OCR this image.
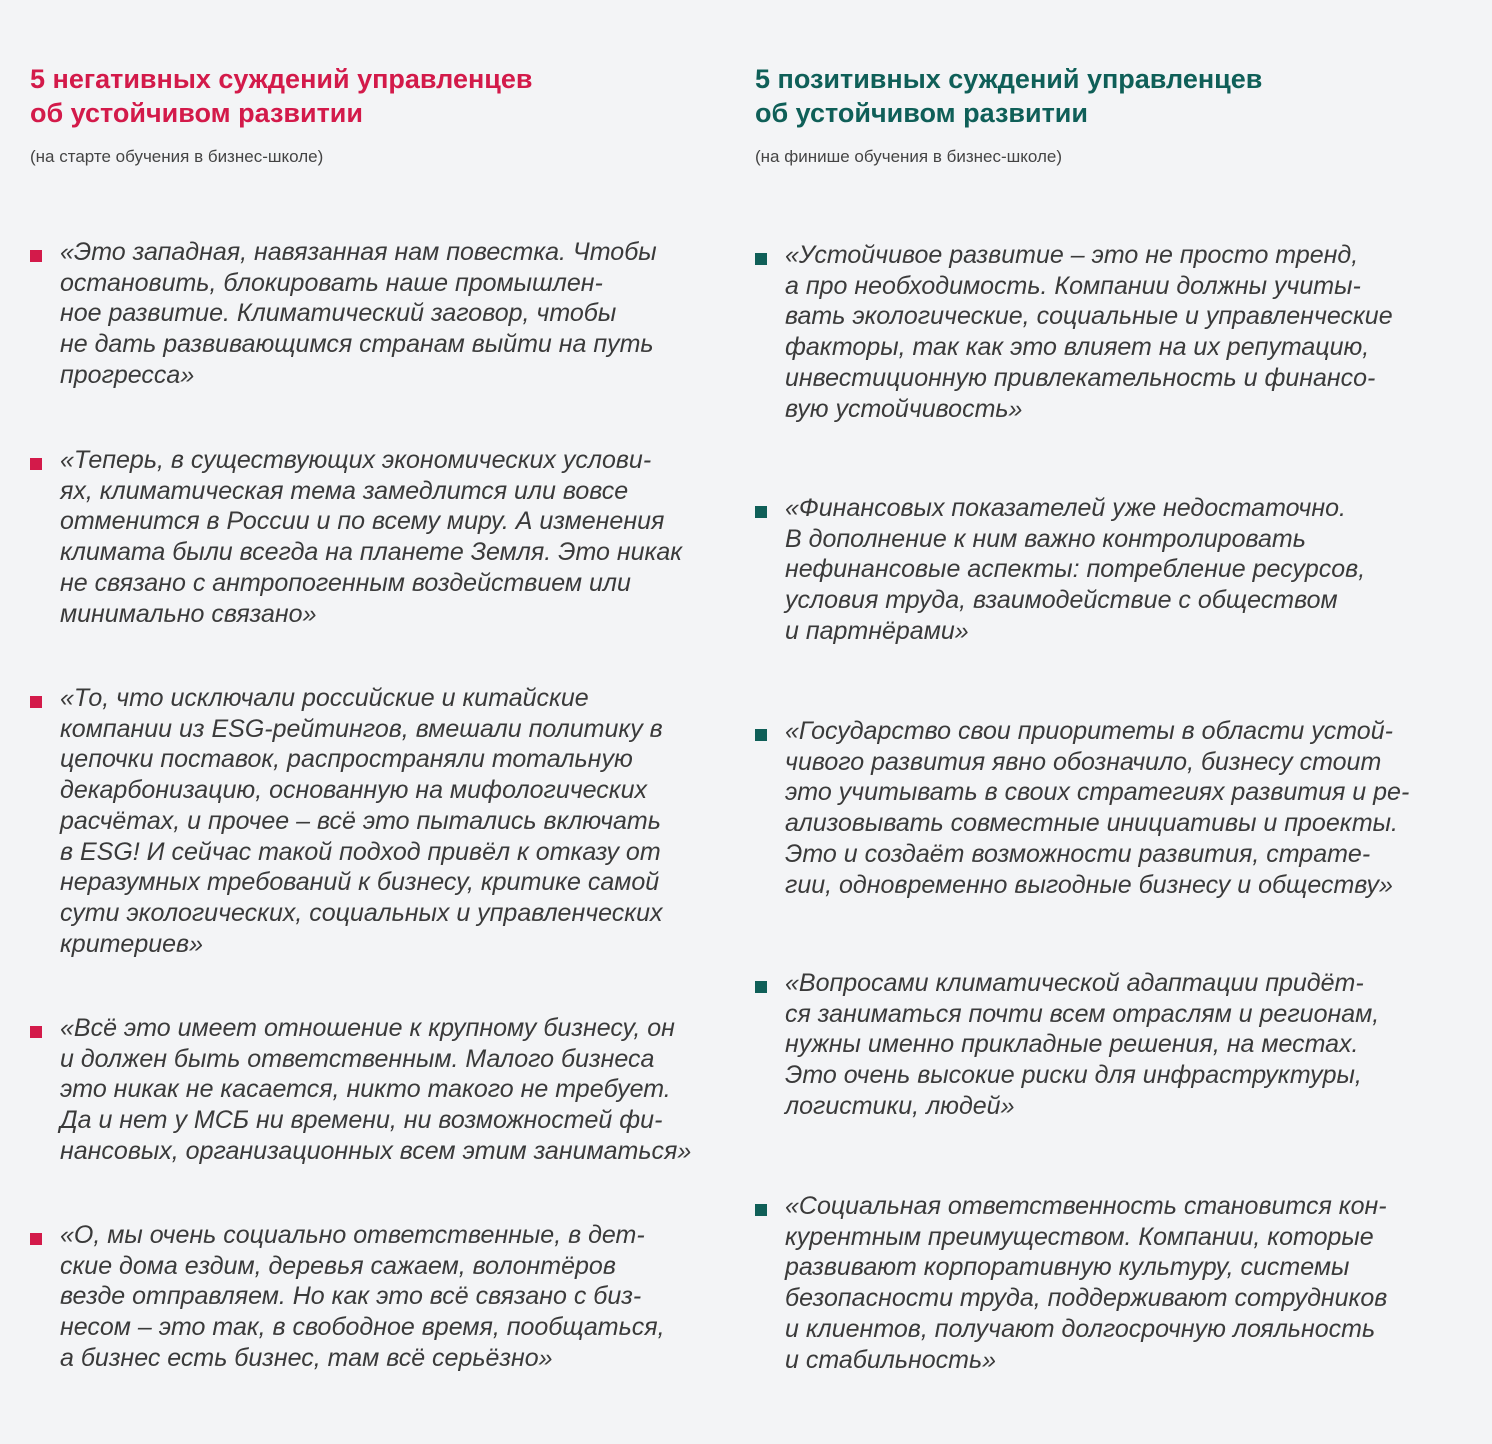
5 негативных суждений управленцев
об устойчивом развитии

(на старте обучения в бизнес-школе)

«Это западная, навязанная нам повестка. Чтобы
остановить, блокировать наше промышлен-
ное развитие. Климатический заговор, чтобы
не дать развивающимся странам выйти на путь
прогресса»
«Теперь, в существующих экономических услови-
ях, климатическая тема замедлится или вовсе
отменится в России и по всему миру. А изменения
климата были всегда на планете Земля. Это никак
не связано с антропогенным воздействием или
минимально связано»
«То, что исключали российские и китайские
компании из ESG-рейтингов, вмешали политику в
цепочки поставок, распространяли тотальную
декарбонизацию, основанную на мифологических
расчётах, и прочее – всё это пытались включать
в ESG! И сейчас такой подход привёл к отказу от
неразумных требований к бизнесу, критике самой
сути экологических, социальных и управленческих
критериев»
«Всё это имеет отношение к крупному бизнесу, он
и должен быть ответственным. Малого бизнеса
это никак не касается, никто такого не требует.
Да и нет у МСБ ни времени, ни возможностей фи-
нансовых, организационных всем этим заниматься»
«О, мы очень социально ответственные, в дет-
ские дома ездим, деревья сажаем, волонтёров
везде отправляем. Но как это всё связано с биз-
несом – это так, в свободное время, пообщаться,
а бизнес есть бизнес, там всё серьёзно»
5 позитивных суждений управленцев
об устойчивом развитии

(на финише обучения в бизнес-школе)

«Устойчивое развитие – это не просто тренд,
а про необходимость. Компании должны учиты-
вать экологические, социальные и управленческие
факторы, так как это влияет на их репутацию,
инвестиционную привлекательность и финансо-
вую устойчивость»
«Финансовых показателей уже недостаточно.
В дополнение к ним важно контролировать
нефинансовые аспекты: потребление ресурсов,
условия труда, взаимодействие с обществом
и партнёрами»
«Государство свои приоритеты в области устой-
чивого развития явно обозначило, бизнесу стоит
это учитывать в своих стратегиях развития и ре-
ализовывать совместные инициативы и проекты.
Это и создаёт возможности развития, страте-
гии, одновременно выгодные бизнесу и обществу»
«Вопросами климатической адаптации придёт-
ся заниматься почти всем отраслям и регионам,
нужны именно прикладные решения, на местах.
Это очень высокие риски для инфраструктуры,
логистики, людей»
«Социальная ответственность становится кон-
курентным преимуществом. Компании, которые
развивают корпоративную культуру, системы
безопасности труда, поддерживают сотрудников
и клиентов, получают долгосрочную лояльность
и стабильность»
